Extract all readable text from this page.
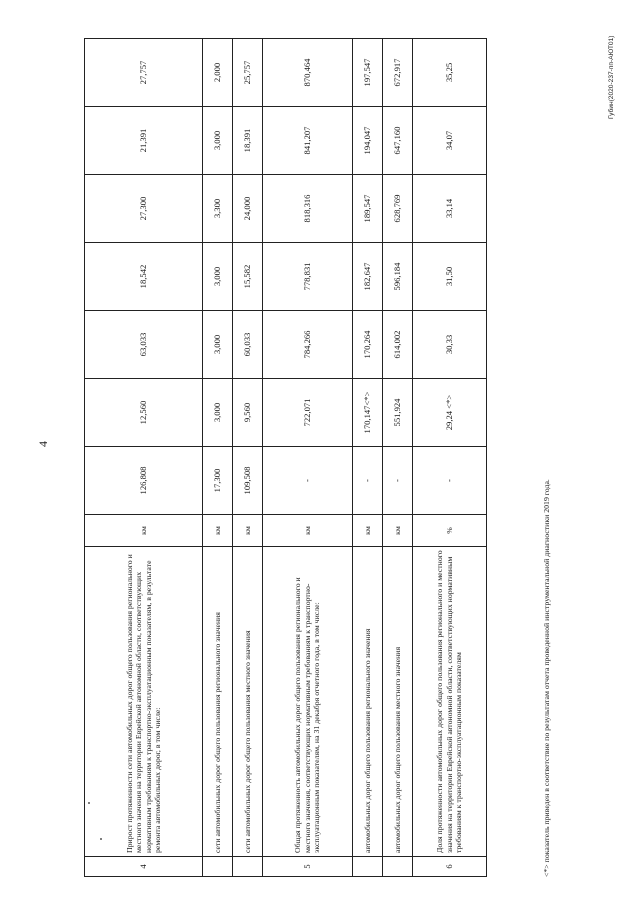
4
4	Прирост протяженности сети автомобильных дорог общего пользования регионального и местного значения на территории Еврейской автономной области, соответствующих нормативным требованиям к транспортно-эксплуатационным показателям, в результате ремонта автомобильных дорог, в том числе:	км	126,808	12,560	63,033	18,542	27,300	21,391	27,757
	сети автомобильных дорог общего пользования регионального значения	км	17,300	3,000	3,000	3,000	3,300	3,000	2,000
	сети автомобильных дорог общего пользования местного значения	км	109,508	9,560	60,033	15,582	24,000	18,391	25,757
5	Общая протяженность автомобильных дорог общего пользования регионального и местного значения, соответствующих нормативным требованиям к транспортно-эксплуатационным показателям, на 31 декабря отчетного года, в том числе:	км	-	722,071	784,266	778,831	818,316	841,207	870,464
	автомобильных дорог общего пользования регионального значения	км	-	170,147<*>	170,264	182,647	189,547	194,047	197,547
	автомобильных дорог общего пользования местного значения	км	-	551,924	614,002	596,184	628,769	647,160	672,917
6	Доля протяженности автомобильных дорог общего пользования регионального и местного значения на территории Еврейской автономной области, соответствующих нормативным требованиям к транспортно-эксплуатационным показателям	%	-	29,24 <*>	30,33	31,50	33,14	34,07	35,25
<*> показатель приведен в соответствие по результатам отчета проведенной инструментальной диагностики 2019 года.
Губин(2020-237-пп-АЮТ01)
